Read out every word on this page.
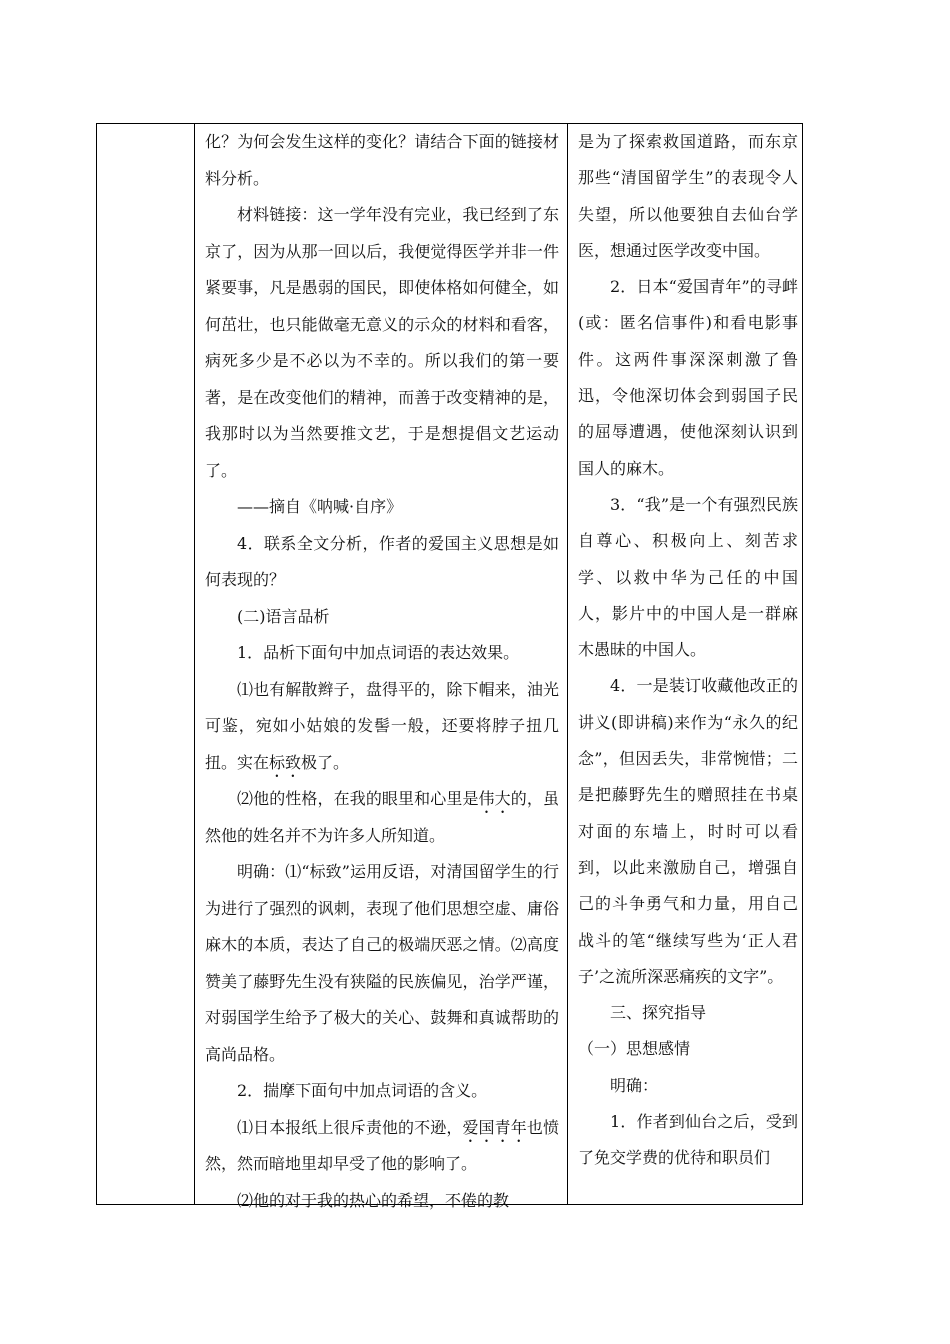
化？为何会发生这样的变化？请结合下面的链接材料分析。

材料链接：这一学年没有完业，我已经到了东京了，因为从那一回以后，我便觉得医学并非一件紧要事，凡是愚弱的国民，即使体格如何健全，如何茁壮，也只能做毫无意义的示众的材料和看客，病死多少是不必以为不幸的。所以我们的第一要著，是在改变他们的精神，而善于改变精神的是，我那时以为当然要推文艺，于是想提倡文艺运动了。

——摘自《呐喊·自序》

4．联系全文分析，作者的爱国主义思想是如何表现的？

(二)语言品析

1．品析下面句中加点词语的表达效果。

⑴也有解散辫子，盘得平的，除下帽来，油光可鉴，宛如小姑娘的发髻一般，还要将脖子扭几扭。实在标致极了。

⑵他的性格，在我的眼里和心里是伟大的，虽然他的姓名并不为许多人所知道。

明确：⑴“标致”运用反语，对清国留学生的行为进行了强烈的讽刺，表现了他们思想空虚、庸俗麻木的本质，表达了自己的极端厌恶之情。⑵高度赞美了藤野先生没有狭隘的民族偏见，治学严谨，对弱国学生给予了极大的关心、鼓舞和真诚帮助的高尚品格。

2．揣摩下面句中加点词语的含义。

⑴日本报纸上很斥责他的不逊，爱国青年也愤然，然而暗地里却早受了他的影响了。

⑵他的对于我的热心的希望，不倦的教

是为了探索救国道路，而东京那些“清国留学生”的表现令人失望，所以他要独自去仙台学医，想通过医学改变中国。

2．日本“爱国青年”的寻衅(或：匿名信事件)和看电影事件。这两件事深深刺激了鲁迅，令他深切体会到弱国子民的屈辱遭遇，使他深刻认识到国人的麻木。

3．“我”是一个有强烈民族自尊心、积极向上、刻苦求学、以救中华为己任的中国人，影片中的中国人是一群麻木愚昧的中国人。

4．一是装订收藏他改正的讲义(即讲稿)来作为“永久的纪念”，但因丢失，非常惋惜；二是把藤野先生的赠照挂在书桌对面的东墙上，时时可以看到，以此来激励自己，增强自己的斗争勇气和力量，用自己战斗的笔“继续写些为‘正人君子’之流所深恶痛疾的文字”。

三、探究指导

（一）思想感情

明确：

1．作者到仙台之后，受到了免交学费的优待和职员们
